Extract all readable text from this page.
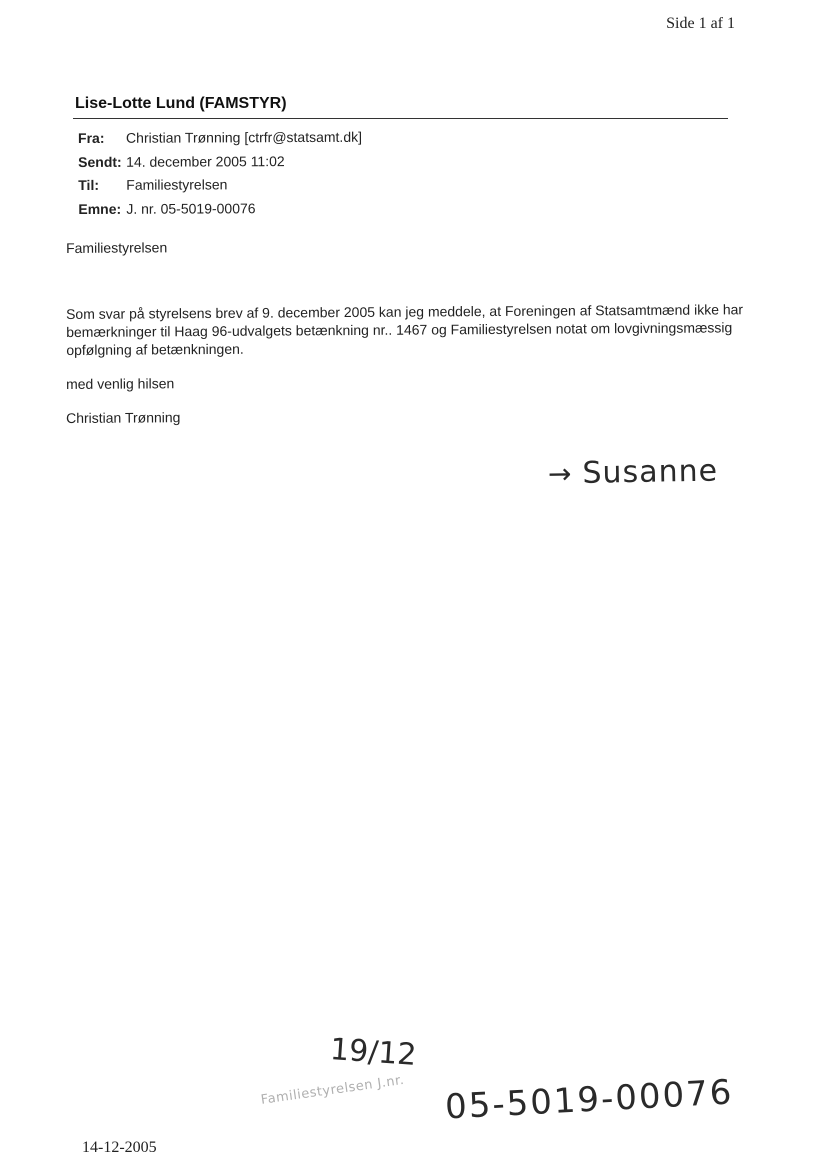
Side 1 af 1
Lise-Lotte Lund (FAMSTYR)
Fra:	Christian Trønning [ctrfr@statsamt.dk]
Sendt: 14. december 2005 11:02
Til:	Familiestyrelsen
Emne: J. nr. 05-5019-00076
Familiestyrelsen
Som svar på styrelsens brev af 9. december 2005 kan jeg meddele, at Foreningen af Statsamtmænd ikke har bemærkninger til Haag 96-udvalgets betænkning nr.. 1467 og Familiestyrelsen notat om lovgivningsmæssig opfølgning af betænkningen.
med venlig hilsen
Christian Trønning
→ Susanne
Familiestyrelsen J.nr.
19/12
05-5019-00076
14-12-2005
